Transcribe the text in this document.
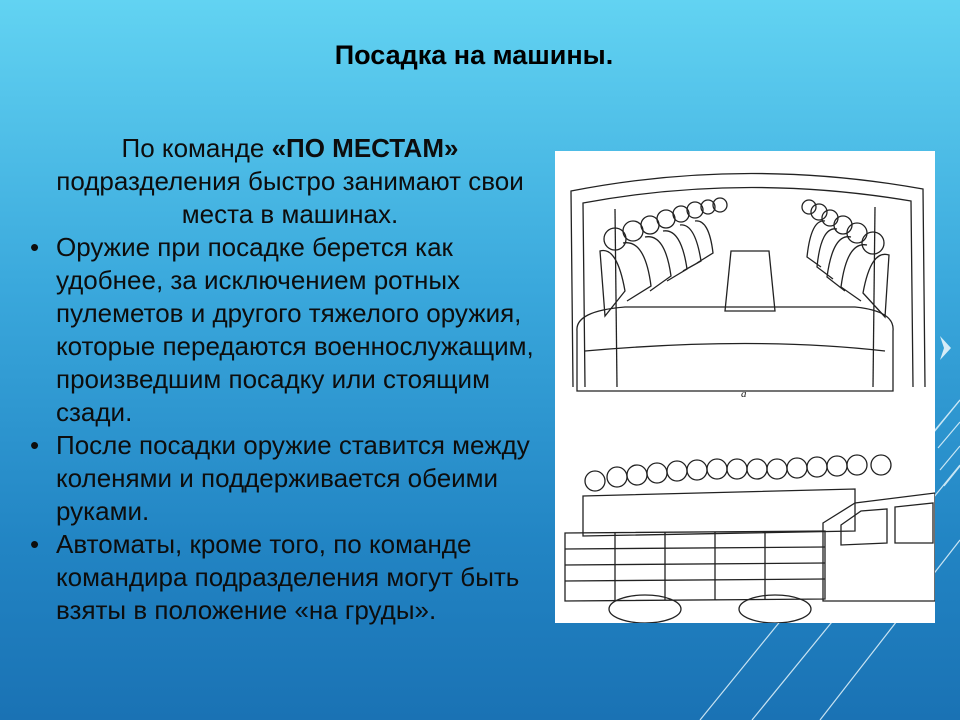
Посадка на машины.

По команде «ПО МЕСТАМ» подразделения быстро занимают свои места в машинах.

• Оружие при посадке берется как удобнее, за исключением ротных пулеметов и другого тяжелого оружия, которые передаются военнослужащим, произведшим посадку или стоящим сзади.

• После посадки оружие ставится между коленями и поддерживается обеими руками.

• Автоматы, кроме того, по команде командира подразделения могут быть взяты в положение «на груды».

а
